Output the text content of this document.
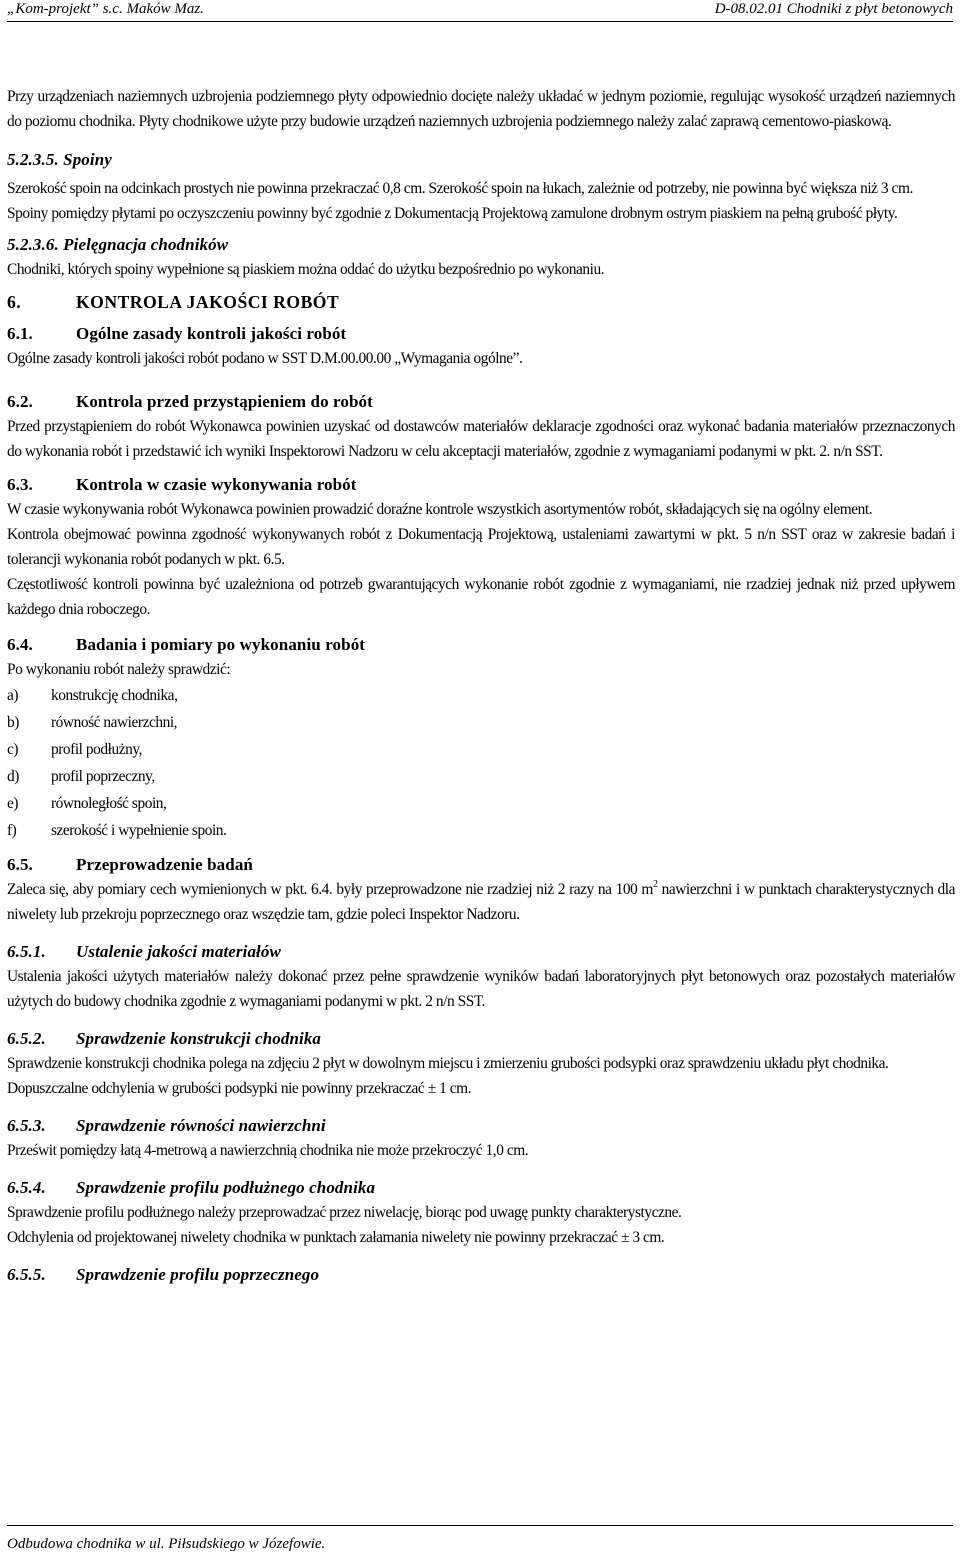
„Kom-projekt” s.c. Maków Maz.	D-08.02.01 Chodniki z płyt betonowych

Przy urządzeniach naziemnych uzbrojenia podziemnego płyty odpowiednio docięte należy układać w jednym poziomie, regulując wysokość urządzeń naziemnych do poziomu chodnika. Płyty chodnikowe użyte przy budowie urządzeń naziemnych uzbrojenia podziemnego należy zalać zaprawą cementowo-piaskową.

5.2.3.5. Spoiny

Szerokość spoin na odcinkach prostych nie powinna przekraczać 0,8 cm. Szerokość spoin na łukach, zależnie od potrzeby, nie powinna być większa niż 3 cm.

Spoiny pomiędzy płytami po oczyszczeniu powinny być zgodnie z Dokumentacją Projektową zamulone drobnym ostrym piaskiem na pełną grubość płyty.

5.2.3.6. Pielęgnacja chodników

Chodniki, których spoiny wypełnione są piaskiem można oddać do użytku bezpośrednio po wykonaniu.

6.	KONTROLA JAKOŚCI ROBÓT
6.1.	Ogólne zasady kontroli jakości robót

Ogólne zasady kontroli jakości robót podano w SST D.M.00.00.00 „Wymagania ogólne”.

6.2.	Kontrola przed przystąpieniem do robót

Przed przystąpieniem do robót Wykonawca powinien uzyskać od dostawców materiałów deklaracje zgodności oraz wykonać badania materiałów przeznaczonych do wykonania robót i przedstawić ich wyniki Inspektorowi Nadzoru w celu akceptacji materiałów, zgodnie z wymaganiami podanymi w pkt. 2. n/n SST.

6.3.	Kontrola w czasie wykonywania robót

W czasie wykonywania robót Wykonawca powinien prowadzić doraźne kontrole wszystkich asortymentów robót, składających się na ogólny element.

Kontrola obejmować powinna zgodność wykonywanych robót z Dokumentacją Projektową, ustaleniami zawartymi w pkt. 5 n/n SST oraz w zakresie badań i tolerancji wykonania robót podanych w pkt. 6.5.

Częstotliwość kontroli powinna być uzależniona od potrzeb gwarantujących wykonanie robót zgodnie z wymaganiami, nie rzadziej jednak niż przed upływem każdego dnia roboczego.

6.4.	Badania i pomiary po wykonaniu robót

Po wykonaniu robót należy sprawdzić:

a) konstrukcję chodnika,
b) równość nawierzchni,
c) profil podłużny,
d) profil poprzeczny,
e) równoległość spoin,
f) szerokość i wypełnienie spoin.
6.5.	Przeprowadzenie badań

Zaleca się, aby pomiary cech wymienionych w pkt. 6.4. były przeprowadzone nie rzadziej niż 2 razy na 100 $m^2$ nawierzchni i w punktach charakterystycznych dla niwelety lub przekroju poprzecznego oraz wszędzie tam, gdzie poleci Inspektor Nadzoru.

6.5.1. Ustalenie jakości materiałów

Ustalenia jakości użytych materiałów należy dokonać przez pełne sprawdzenie wyników badań laboratoryjnych płyt betonowych oraz pozostałych materiałów użytych do budowy chodnika zgodnie z wymaganiami podanymi w pkt. 2 n/n SST.

6.5.2. Sprawdzenie konstrukcji chodnika

Sprawdzenie konstrukcji chodnika polega na zdjęciu 2 płyt w dowolnym miejscu i zmierzeniu grubości podsypki oraz sprawdzeniu układu płyt chodnika.

Dopuszczalne odchylenia w grubości podsypki nie powinny przekraczać ± 1 cm.

6.5.3. Sprawdzenie równości nawierzchni

Prześwit pomiędzy łatą 4-metrową a nawierzchnią chodnika nie może przekroczyć 1,0 cm.

6.5.4. Sprawdzenie profilu podłużnego chodnika

Sprawdzenie profilu podłużnego należy przeprowadzać przez niwelację, biorąc pod uwagę punkty charakterystyczne.

Odchylenia od projektowanej niwelety chodnika w punktach załamania niwelety nie powinny przekraczać ± 3 cm.

6.5.5. Sprawdzenie profilu poprzecznego
Odbudowa chodnika w ul. Piłsudskiego w Józefowie.
